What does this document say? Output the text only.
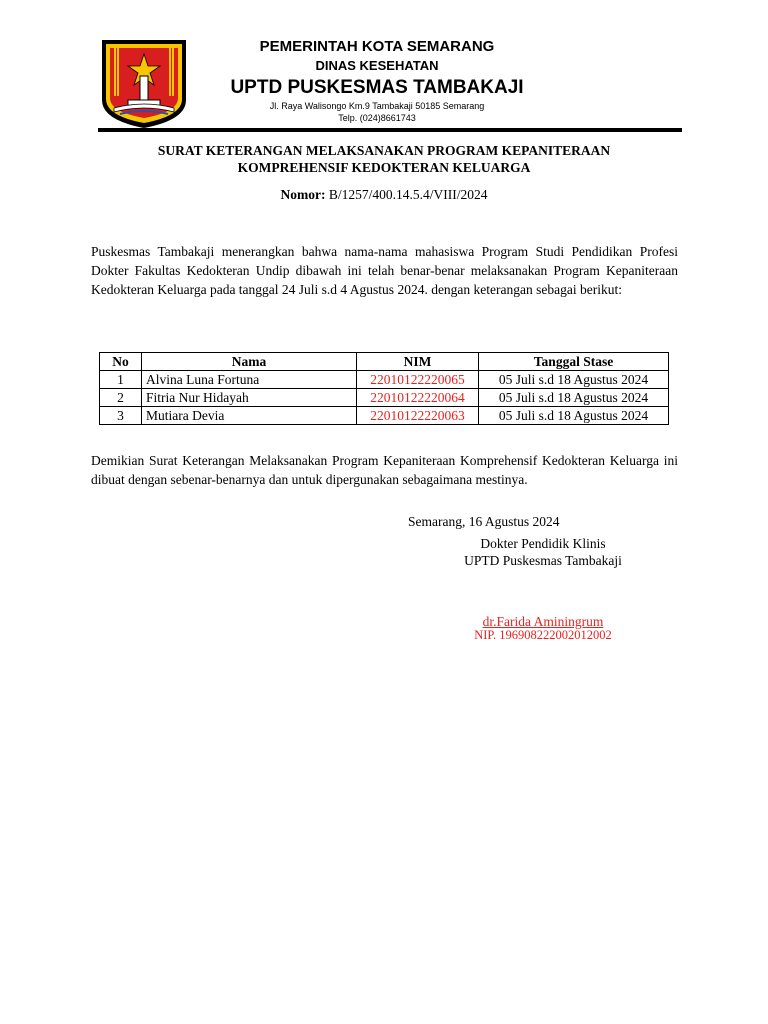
PEMERINTAH KOTA SEMARANG
DINAS KESEHATAN
UPTD PUSKESMAS TAMBAKAJI
Jl. Raya Walisongo Km.9 Tambakaji 50185 Semarang
Telp. (024)8661743
SURAT KETERANGAN MELAKSANAKAN PROGRAM KEPANITERAAN
KOMPREHENSIF KEDOKTERAN KELUARGA
Nomor: B/1257/400.14.5.4/VIII/2024
Puskesmas Tambakaji menerangkan bahwa nama-nama mahasiswa Program Studi Pendidikan Profesi Dokter Fakultas Kedokteran Undip dibawah ini telah benar-benar melaksanakan Program Kepaniteraan Kedokteran Keluarga pada tanggal 24 Juli s.d 4 Agustus 2024. dengan keterangan sebagai berikut:
No	Nama	NIM	Tanggal Stase
1	Alvina Luna Fortuna	22010122220065	05 Juli s.d 18 Agustus 2024
2	Fitria Nur Hidayah	22010122220064	05 Juli s.d 18 Agustus 2024
3	Mutiara Devia	22010122220063	05 Juli s.d 18 Agustus 2024
Demikian Surat Keterangan Melaksanakan Program Kepaniteraan Komprehensif Kedokteran Keluarga ini dibuat dengan sebenar-benarnya dan untuk dipergunakan sebagaimana mestinya.
Semarang, 16 Agustus 2024
Dokter Pendidik Klinis
UPTD Puskesmas Tambakaji
dr.Farida Aminingrum
NIP. 196908222002012002
